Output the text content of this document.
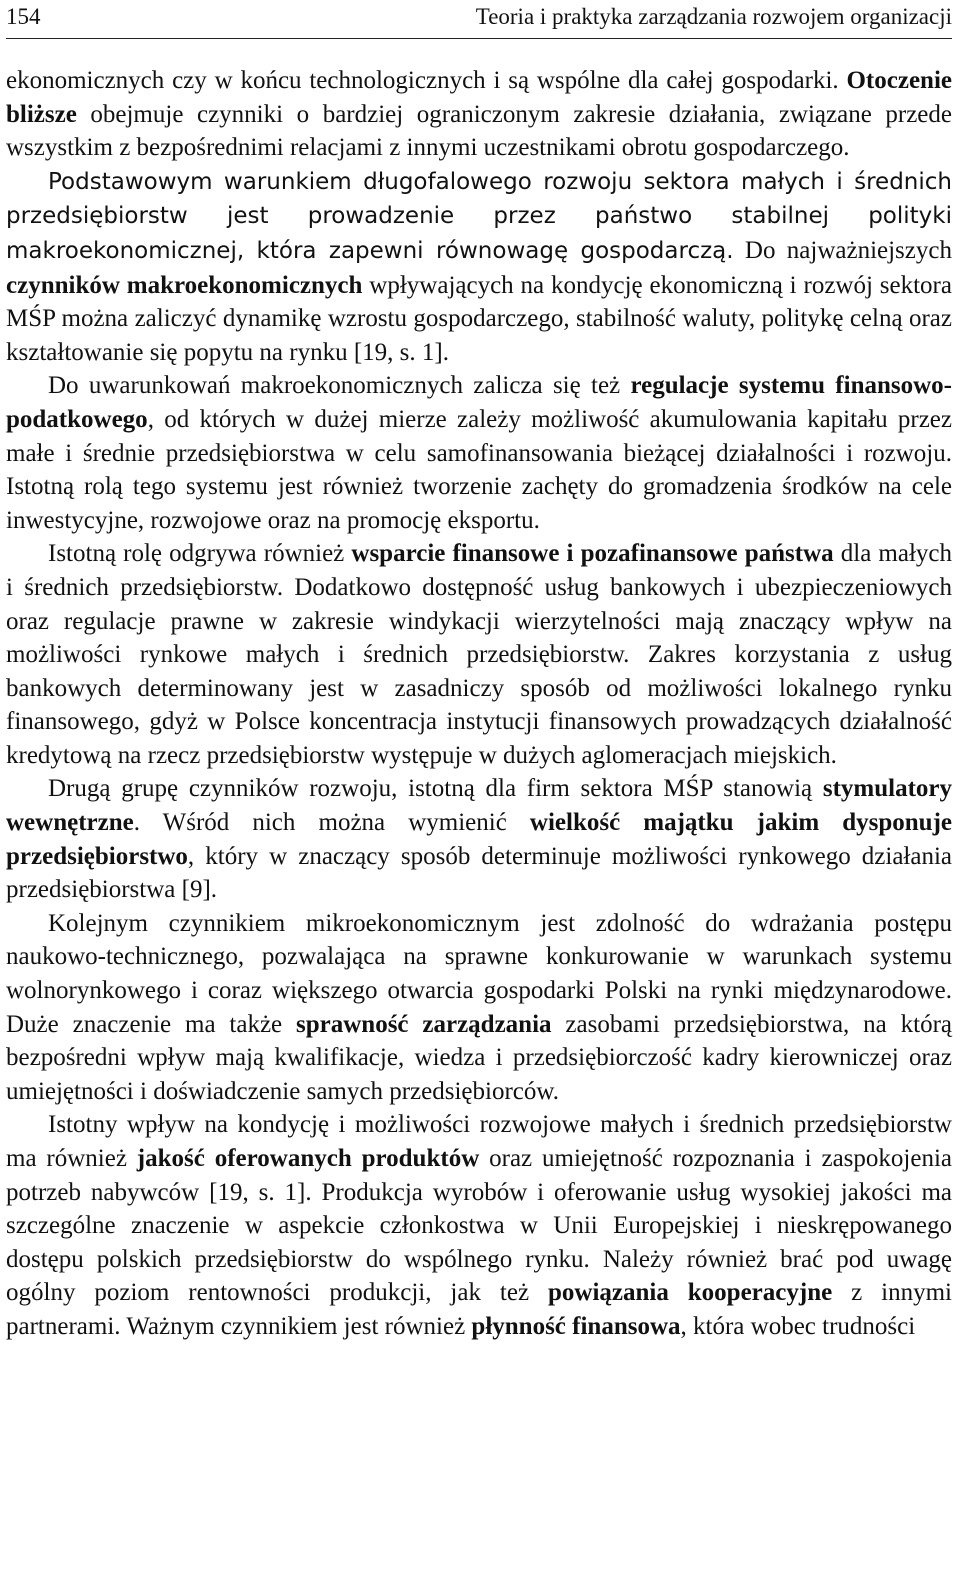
154	Teoria i praktyka zarządzania rozwojem organizacji

ekonomicznych czy w końcu technologicznych i są wspólne dla całej gospodarki. Otoczenie bliższe obejmuje czynniki o bardziej ograniczonym zakresie działania, związane przede wszystkim z bezpośrednimi relacjami z innymi uczestnikami obrotu gospodarczego.

Podstawowym warunkiem długofalowego rozwoju sektora małych i średnich przedsiębiorstw jest prowadzenie przez państwo stabilnej polityki makroekonomicznej, która zapewni równowagę gospodarczą. Do najważniejszych czynników makroekonomicznych wpływających na kondycję ekonomiczną i rozwój sektora MŚP można zaliczyć dynamikę wzrostu gospodarczego, stabilność waluty, politykę celną oraz kształtowanie się popytu na rynku [19, s. 1].

Do uwarunkowań makroekonomicznych zalicza się też regulacje systemu finansowo-podatkowego, od których w dużej mierze zależy możliwość akumulowania kapitału przez małe i średnie przedsiębiorstwa w celu samofinansowania bieżącej działalności i rozwoju. Istotną rolą tego systemu jest również tworzenie zachęty do gromadzenia środków na cele inwestycyjne, rozwojowe oraz na promocję eksportu.

Istotną rolę odgrywa również wsparcie finansowe i pozafinansowe państwa dla małych i średnich przedsiębiorstw. Dodatkowo dostępność usług bankowych i ubezpieczeniowych oraz regulacje prawne w zakresie windykacji wierzytelności mają znaczący wpływ na możliwości rynkowe małych i średnich przedsiębiorstw. Zakres korzystania z usług bankowych determinowany jest w zasadniczy sposób od możliwości lokalnego rynku finansowego, gdyż w Polsce koncentracja instytucji finansowych prowadzących działalność kredytową na rzecz przedsiębiorstw występuje w dużych aglomeracjach miejskich.

Drugą grupę czynników rozwoju, istotną dla firm sektora MŚP stanowią stymulatory wewnętrzne. Wśród nich można wymienić wielkość majątku jakim dysponuje przedsiębiorstwo, który w znaczący sposób determinuje możliwości rynkowego działania przedsiębiorstwa [9].

Kolejnym czynnikiem mikroekonomicznym jest zdolność do wdrażania postępu naukowo-technicznego, pozwalająca na sprawne konkurowanie w warunkach systemu wolnorynkowego i coraz większego otwarcia gospodarki Polski na rynki międzynarodowe. Duże znaczenie ma także sprawność zarządzania zasobami przedsiębiorstwa, na którą bezpośredni wpływ mają kwalifikacje, wiedza i przedsiębiorczość kadry kierowniczej oraz umiejętności i doświadczenie samych przedsiębiorców.

Istotny wpływ na kondycję i możliwości rozwojowe małych i średnich przedsiębiorstw ma również jakość oferowanych produktów oraz umiejętność rozpoznania i zaspokojenia potrzeb nabywców [19, s. 1]. Produkcja wyrobów i oferowanie usług wysokiej jakości ma szczególne znaczenie w aspekcie członkostwa w Unii Europejskiej i nieskrępowanego dostępu polskich przedsiębiorstw do wspólnego rynku. Należy również brać pod uwagę ogólny poziom rentowności produkcji, jak też powiązania kooperacyjne z innymi partnerami. Ważnym czynnikiem jest również płynność finansowa, która wobec trudności
